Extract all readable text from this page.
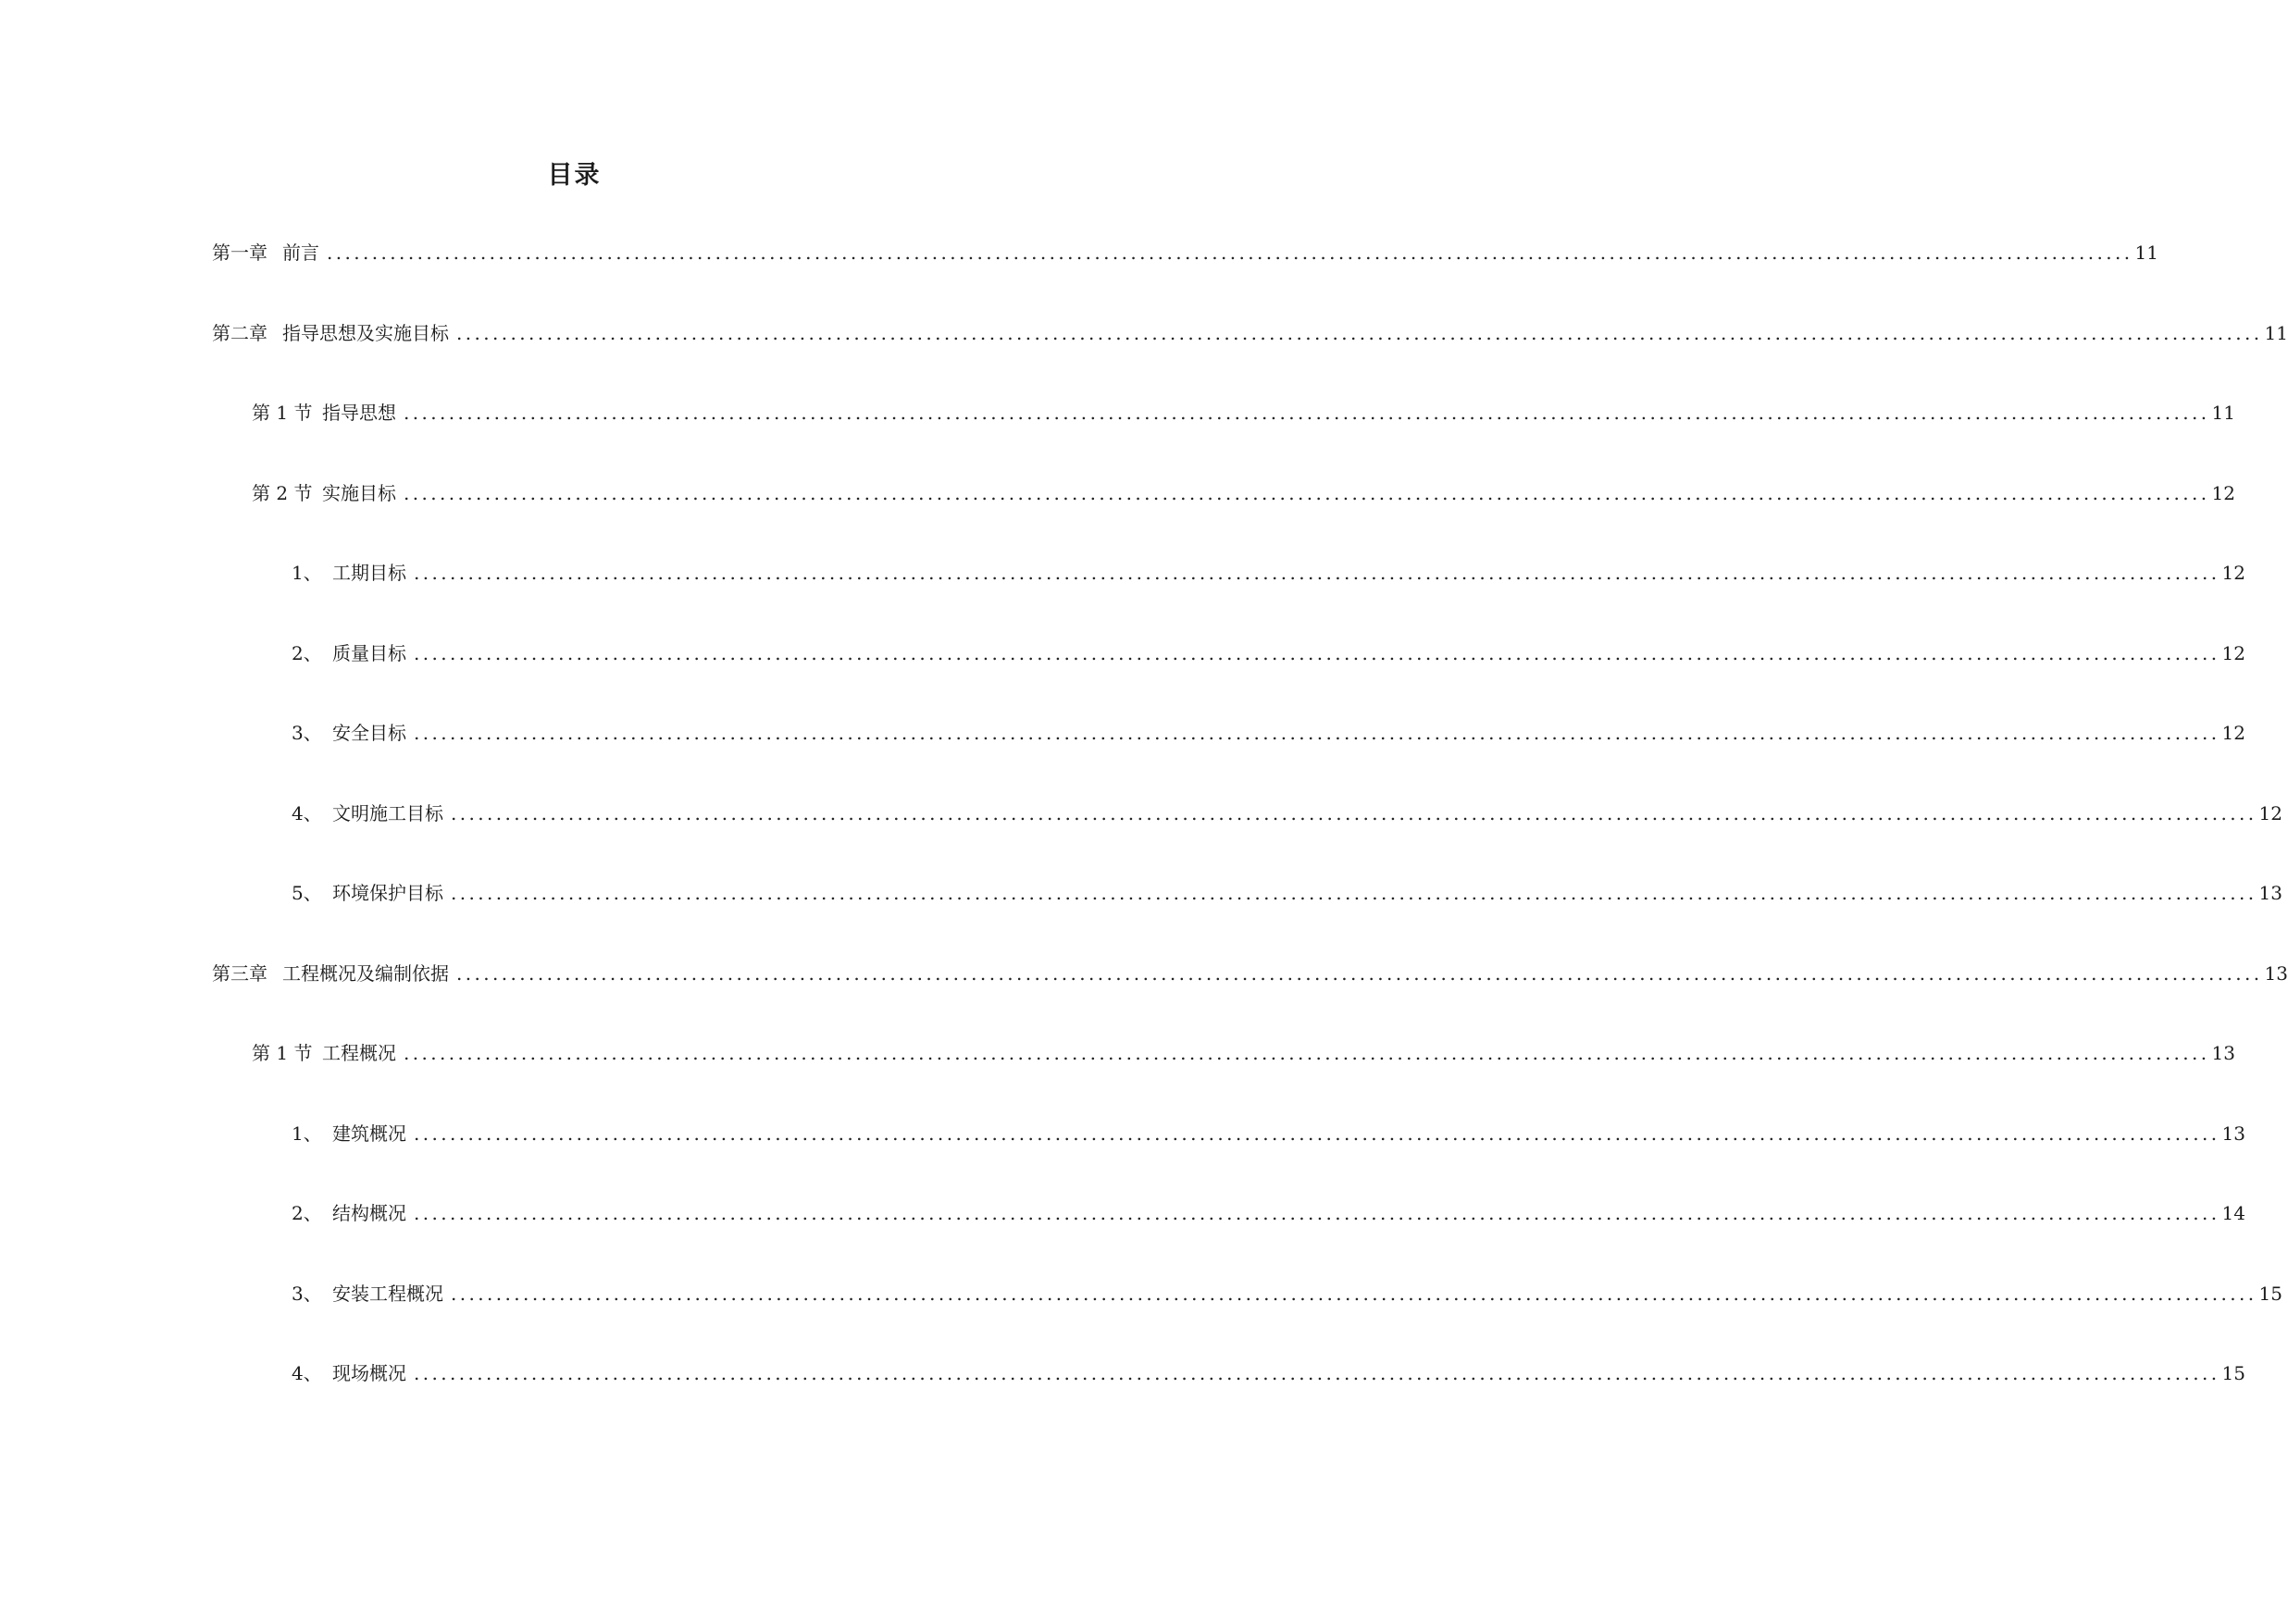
目录
第一章 前言 ........................................................................................................................................................................................................ 11
第二章 指导思想及实施目标 ........................................................................................................................................................................................................ 11
第 1 节 指导思想 ........................................................................................................................................................................................................ 11
第 2 节 实施目标 ........................................................................................................................................................................................................ 12
1、 工期目标 ........................................................................................................................................................................................................ 12
2、 质量目标 ........................................................................................................................................................................................................ 12
3、 安全目标 ........................................................................................................................................................................................................ 12
4、 文明施工目标 ........................................................................................................................................................................................................ 12
5、 环境保护目标 ........................................................................................................................................................................................................ 13
第三章 工程概况及编制依据 ........................................................................................................................................................................................................ 13
第 1 节 工程概况 ........................................................................................................................................................................................................ 13
1、 建筑概况 ........................................................................................................................................................................................................ 13
2、 结构概况 ........................................................................................................................................................................................................ 14
3、 安装工程概况 ........................................................................................................................................................................................................ 15
4、 现场概况 ........................................................................................................................................................................................................ 15
